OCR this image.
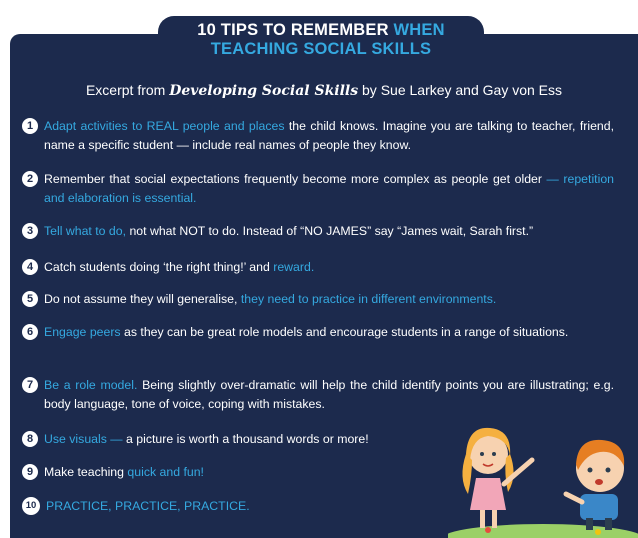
10 TIPS TO REMEMBER WHEN
TEACHING SOCIAL SKILLS
Excerpt from Developing Social Skills by Sue Larkey and Gay von Ess
1 Adapt activities to REAL people and places the child knows. Imagine you are talking to teacher, friend, name a specific student — include real names of people they know.
2 Remember that social expectations frequently become more complex as people get older — repetition and elaboration is essential.
3 Tell what to do, not what NOT to do. Instead of “NO JAMES” say “James wait, Sarah first.”
4 Catch students doing ‘the right thing!’ and reward.
5 Do not assume they will generalise, they need to practice in different environments.
6 Engage peers as they can be great role models and encourage students in a range of situations.
7 Be a role model. Being slightly over-dramatic will help the child identify points you are illustrating; e.g. body language, tone of voice, coping with mistakes.
8 Use visuals — a picture is worth a thousand words or more!
9 Make teaching quick and fun!
10 PRACTICE, PRACTICE, PRACTICE.
